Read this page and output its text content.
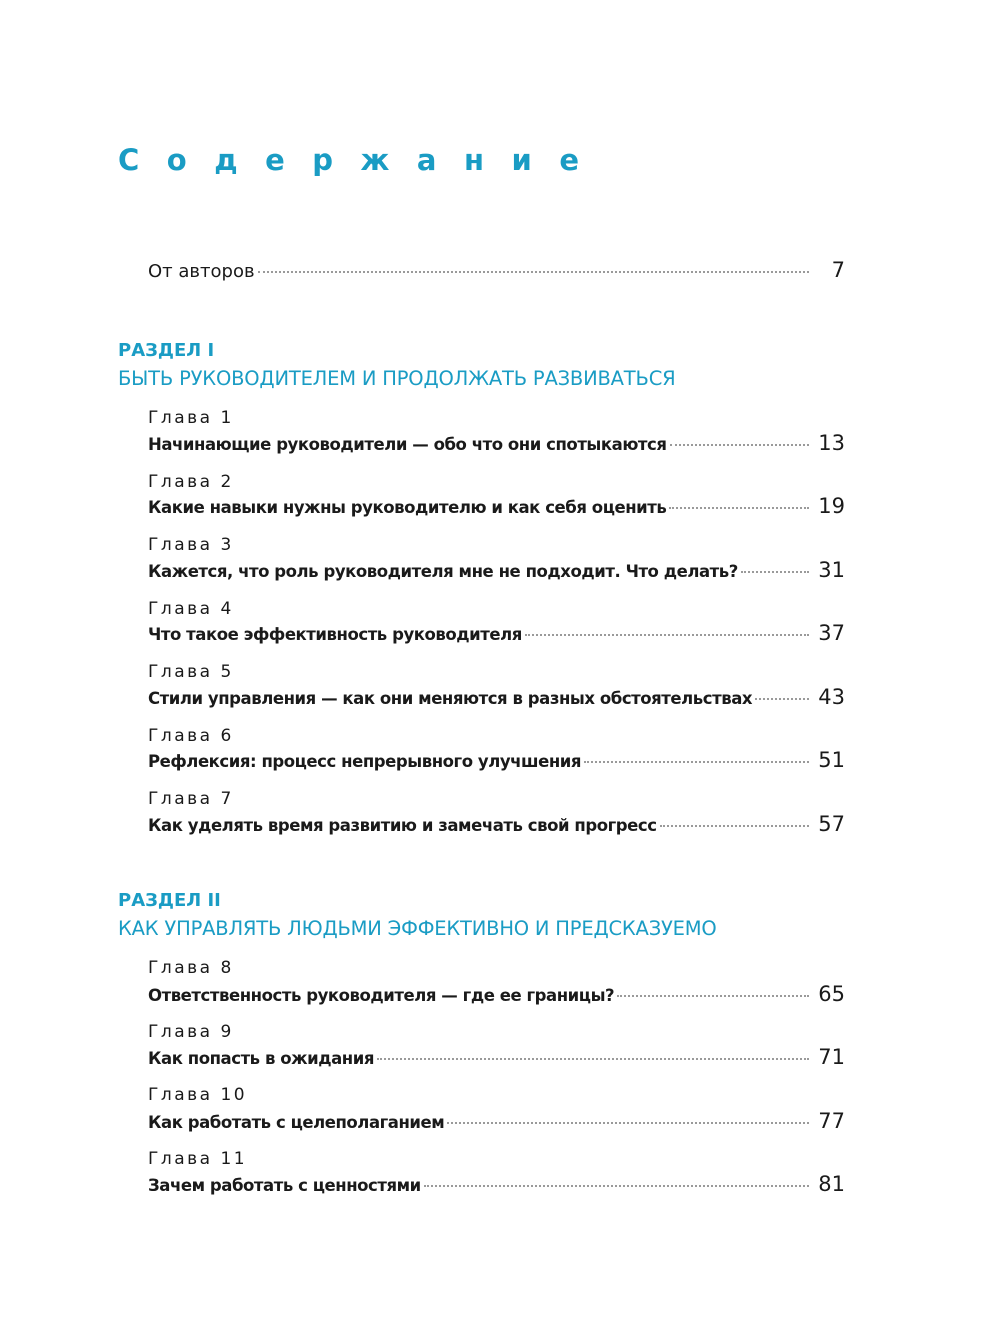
Содержание
От авторов	7
РАЗДЕЛ I
БЫТЬ РУКОВОДИТЕЛЕМ И ПРОДОЛЖАТЬ РАЗВИВАТЬСЯ
Глава 1
Начинающие руководители — обо что они спотыкаются	13
Глава 2
Какие навыки нужны руководителю и как себя оценить	19
Глава 3
Кажется, что роль руководителя мне не подходит. Что делать?	31
Глава 4
Что такое эффективность руководителя	37
Глава 5
Стили управления — как они меняются в разных обстоятельствах	43
Глава 6
Рефлексия: процесс непрерывного улучшения	51
Глава 7
Как уделять время развитию и замечать свой прогресс	57
РАЗДЕЛ II
КАК УПРАВЛЯТЬ ЛЮДЬМИ ЭФФЕКТИВНО И ПРЕДСКАЗУЕМО
Глава 8
Ответственность руководителя — где ее границы?	65
Глава 9
Как попасть в ожидания	71
Глава 10
Как работать с целеполаганием	77
Глава 11
Зачем работать с ценностями	81
